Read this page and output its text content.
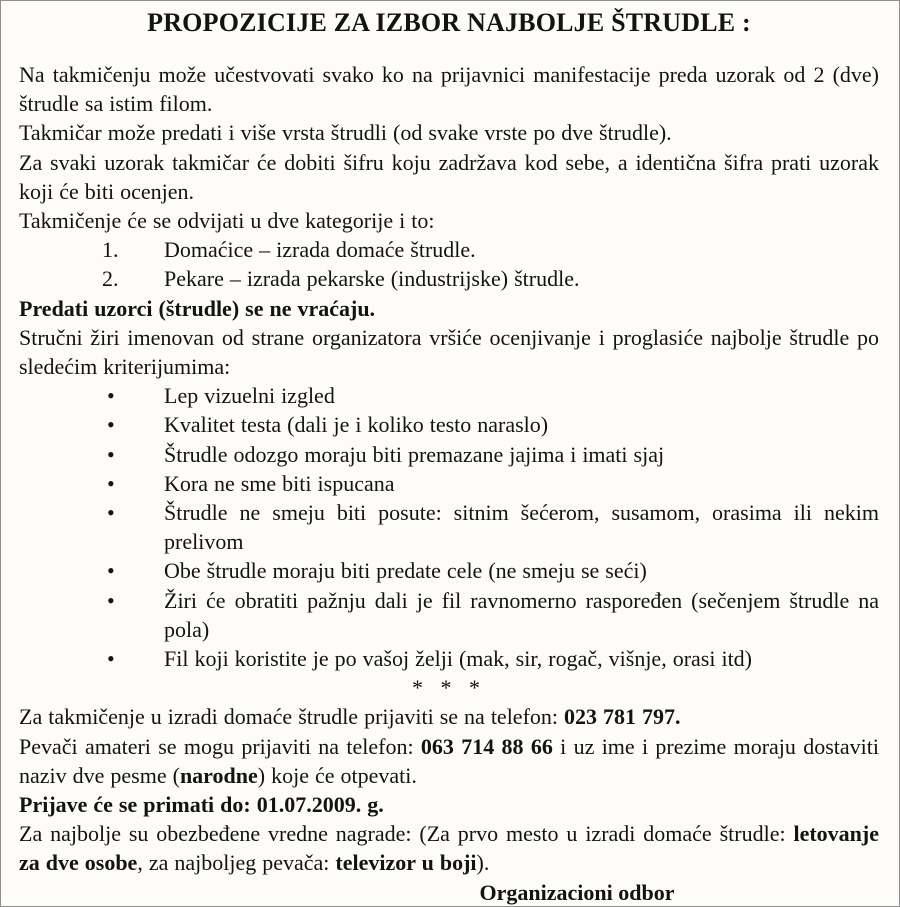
PROPOZICIJE ZA IZBOR NAJBOLJE ŠTRUDLE :

Na takmičenju može učestvovati svako ko na prijavnici manifestacije preda uzorak od 2 (dve) štrudle sa istim filom.

Takmičar može predati i više vrsta štrudli (od svake vrste po dve štrudle).

Za svaki uzorak takmičar će dobiti šifru koju zadržava kod sebe, a identična šifra prati uzorak koji će biti ocenjen.

Takmičenje će se odvijati u dve kategorije i to:

1. Domaćice – izrada domaće štrudle.
2. Pekare – izrada pekarske (industrijske) štrudle.

Predati uzorci (štrudle) se ne vraćaju.

Stručni žiri imenovan od strane organizatora vršiće ocenjivanje i proglasiće najbolje štrudle po sledećim kriterijumima:

• Lep vizuelni izgled
• Kvalitet testa (dali je i koliko testo naraslo)
• Štrudle odozgo moraju biti premazane jajima i imati sjaj
• Kora ne sme biti ispucana
• Štrudle ne smeju biti posute: sitnim šećerom, susamom, orasima ili nekim prelivom
• Obe štrudle moraju biti predate cele (ne smeju se seći)
• Žiri će obratiti pažnju dali je fil ravnomerno raspoređen (sečenjem štrudle na pola)
• Fil koji koristite je po vašoj želji (mak, sir, rogač, višnje, orasi itd)

* * *

Za takmičenje u izradi domaće štrudle prijaviti se na telefon: 023 781 797.

Pevači amateri se mogu prijaviti na telefon: 063 714 88 66 i uz ime i prezime moraju dostaviti naziv dve pesme (narodne) koje će otpevati.

Prijave će se primati do: 01.07.2009. g.

Za najbolje su obezbeđene vredne nagrade: (Za prvo mesto u izradi domaće štrudle: letovanje za dve osobe, za najboljeg pevača: televizor u boji).

Organizacioni odbor
